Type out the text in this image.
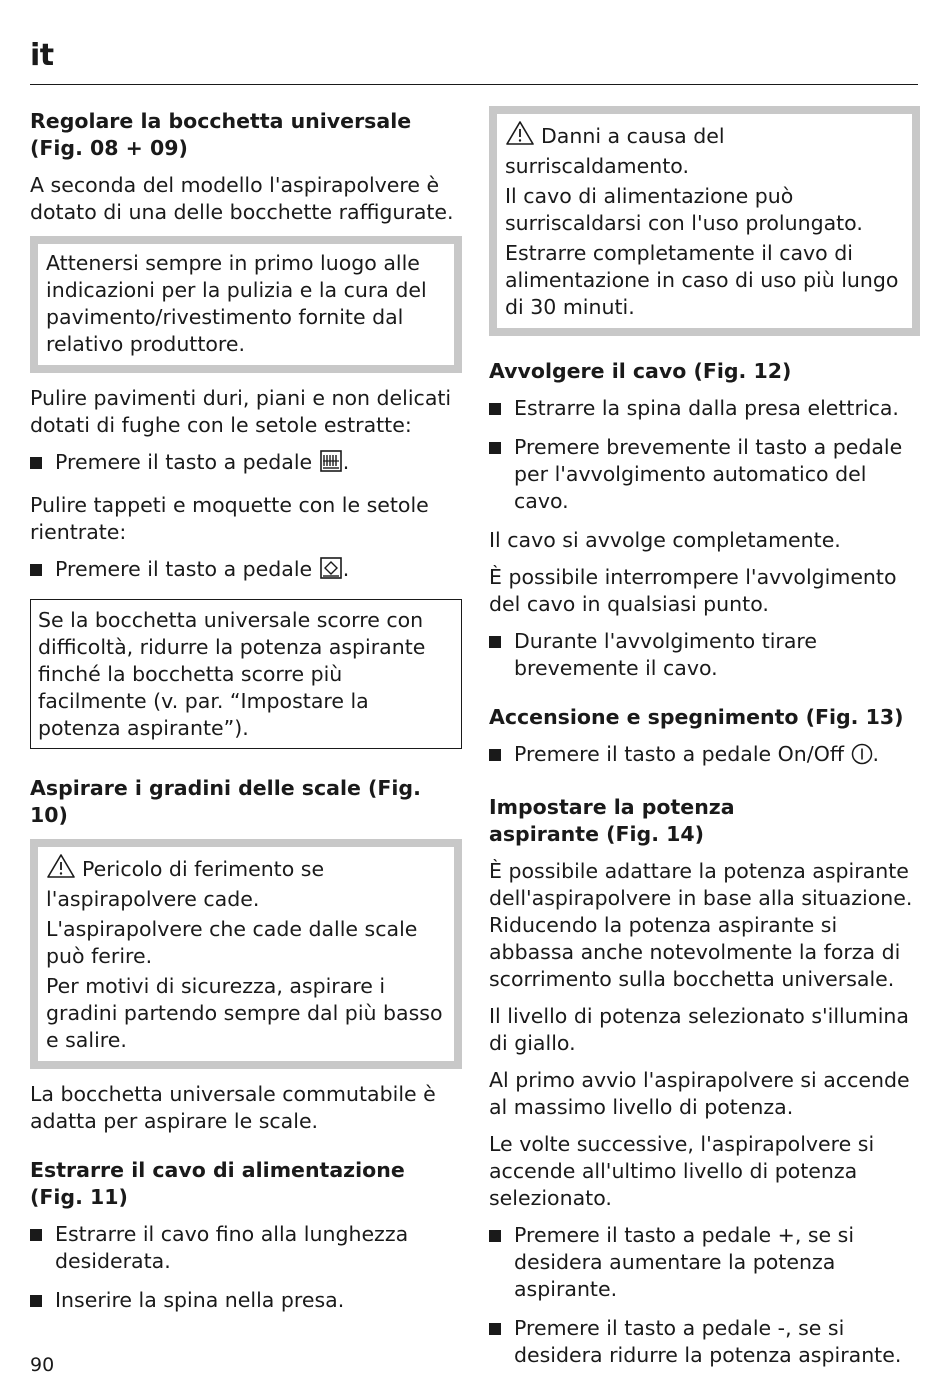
it
Regolare la bocchetta universale (Fig. 08 + 09)

A seconda del modello l'aspirapolvere è dotato di una delle bocchette raffigurate.

Attenersi sempre in primo luogo alle indicazioni per la pulizia e la cura del pavimento/rivestimento fornite dal relativo produttore.

Pulire pavimenti duri, piani e non delicati dotati di fughe con le setole estratte:

Premere il tasto a pedale .

Pulire tappeti e moquette con le setole rientrate:

Premere il tasto a pedale .
Se la bocchetta universale scorre con difficoltà, ridurre la potenza aspirante finché la bocchetta scorre più facilmente (v. par. “Impostare la potenza aspirante”).
Aspirare i gradini delle scale (Fig. 10)

Pericolo di ferimento se l'aspirapolvere cade.

L'aspirapolvere che cade dalle scale può ferire.

Per motivi di sicurezza, aspirare i gradini partendo sempre dal più basso e salire.

La bocchetta universale commutabile è adatta per aspirare le scale.

Estrarre il cavo di alimentazione (Fig. 11)
Estrarre il cavo fino alla lunghezza desiderata.
Inserire la spina nella presa.

Danni a causa del surriscaldamento.

Il cavo di alimentazione può surriscaldarsi con l'uso prolungato.

Estrarre completamente il cavo di alimentazione in caso di uso più lungo di 30 minuti.

Avvolgere il cavo (Fig. 12)
Estrarre la spina dalla presa elettrica.
Premere brevemente il tasto a pedale per l'avvolgimento automatico del cavo.

Il cavo si avvolge completamente.

È possibile interrompere l'avvolgimento del cavo in qualsiasi punto.

Durante l'avvolgimento tirare brevemente il cavo.
Accensione e spegnimento (Fig. 13)
Premere il tasto a pedale On/Off .
Impostare la potenza aspirante (Fig. 14)

È possibile adattare la potenza aspirante dell'aspirapolvere in base alla situazione. Riducendo la potenza aspirante si abbassa anche notevolmente la forza di scorrimento sulla bocchetta universale.

Il livello di potenza selezionato s'illumina di giallo.

Al primo avvio l'aspirapolvere si accende al massimo livello di potenza.

Le volte successive, l'aspirapolvere si accende all'ultimo livello di potenza selezionato.

Premere il tasto a pedale +, se si desidera aumentare la potenza aspirante.
Premere il tasto a pedale -, se si desidera ridurre la potenza aspirante.
90
